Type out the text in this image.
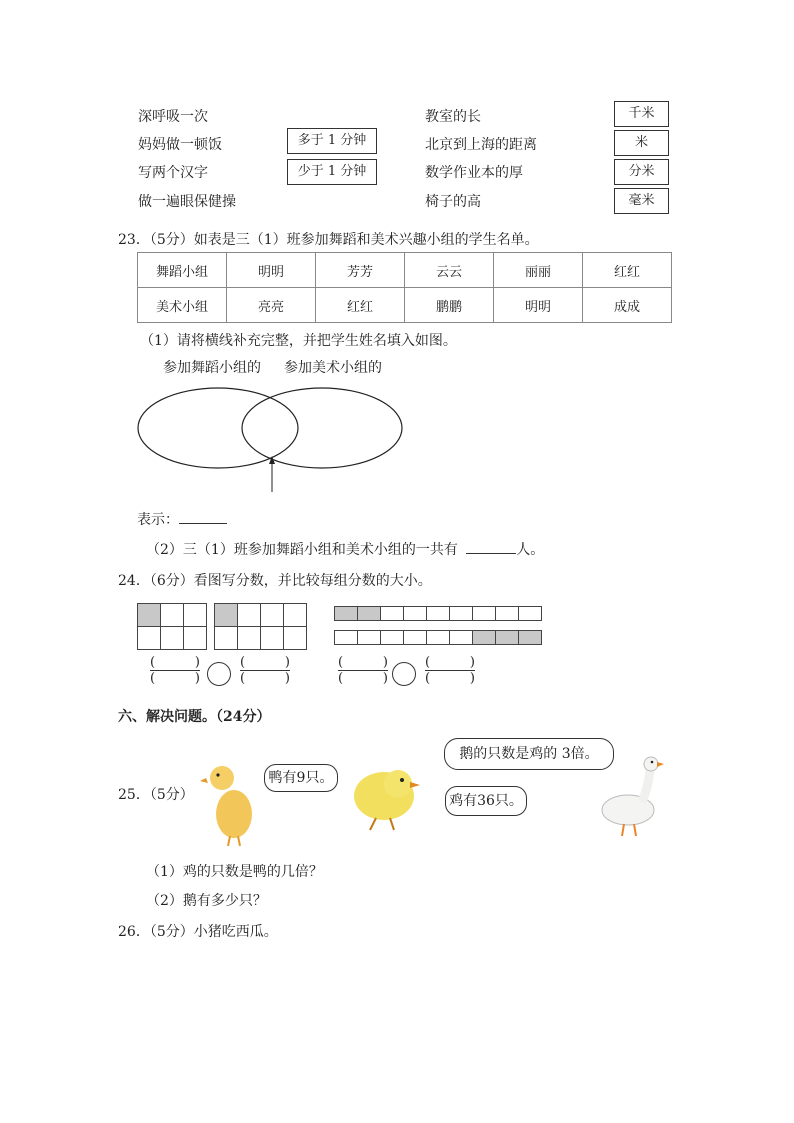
深呼吸一次
妈妈做一顿饭
写两个汉字
做一遍眼保健操
多于 1 分钟
少于 1 分钟
教室的长
北京到上海的距离
数学作业本的厚
椅子的高
千米
米
分米
毫米
23．（5分）如表是三（1）班参加舞蹈和美术兴趣小组的学生名单。
舞蹈小组	明明	芳芳	云云	丽丽	红红
美术小组	亮亮	红红	鹏鹏	明明	成成
（1）请将横线补充完整，并把学生姓名填入如图。
参加舞蹈小组的 参加美术小组的
表示：
（2）三（1）班参加舞蹈小组和美术小组的一共有	人。
24．（6分）看图写分数，并比较每组分数的大小。

(	)
(	)
(	)
(	)
(	)
(	)
(	)
(	)
六、解决问题。（24分）
25．（5分）
鸭有9只。
鸡有36只。
鹅的只数是鸡的 3倍。
（1）鸡的只数是鸭的几倍？
（2）鹅有多少只？
26．（5分）小猪吃西瓜。
